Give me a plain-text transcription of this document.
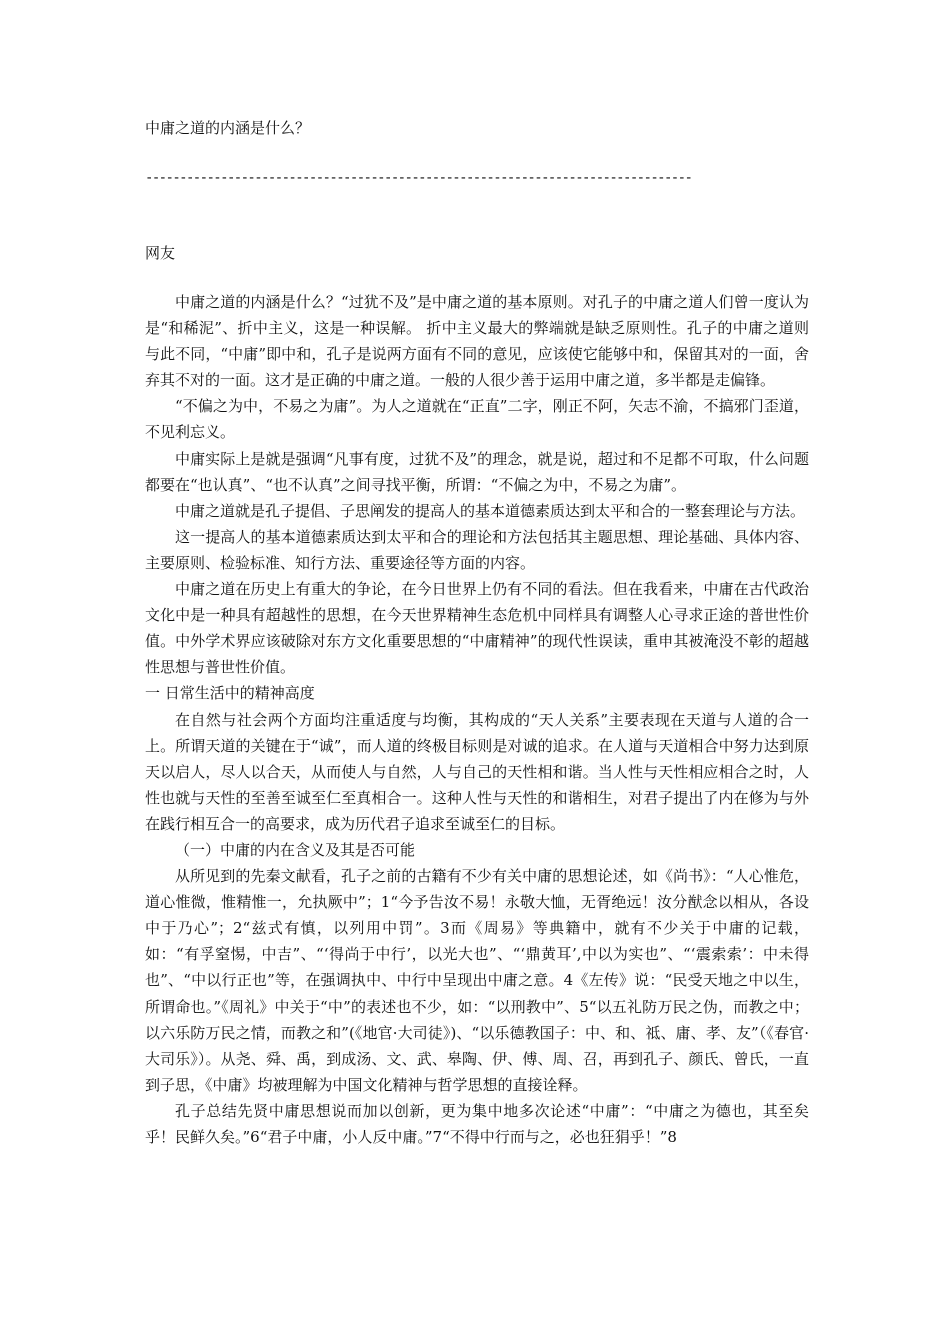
中庸之道的内涵是什么？
--------------------------------------------------------------------------------
网友

中庸之道的内涵是什么？“过犹不及”是中庸之道的基本原则。对孔子的中庸之道人们曾一度认为是“和稀泥”、折中主义，这是一种误解。 折中主义最大的弊端就是缺乏原则性。孔子的中庸之道则与此不同，“中庸”即中和，孔子是说两方面有不同的意见，应该使它能够中和，保留其对的一面，舍弃其不对的一面。这才是正确的中庸之道。一般的人很少善于运用中庸之道，多半都是走偏锋。

“不偏之为中，不易之为庸”。为人之道就在“正直”二字，刚正不阿，矢志不渝，不搞邪门歪道，不见利忘义。

中庸实际上是就是强调“凡事有度，过犹不及”的理念，就是说，超过和不足都不可取，什么问题都要在“也认真”、“也不认真”之间寻找平衡，所谓：“不偏之为中，不易之为庸”。

中庸之道就是孔子提倡、子思阐发的提高人的基本道德素质达到太平和合的一整套理论与方法。

这一提高人的基本道德素质达到太平和合的理论和方法包括其主题思想、理论基础、具体内容、主要原则、检验标准、知行方法、重要途径等方面的内容。

中庸之道在历史上有重大的争论，在今日世界上仍有不同的看法。但在我看来，中庸在古代政治文化中是一种具有超越性的思想，在今天世界精神生态危机中同样具有调整人心寻求正途的普世性价值。中外学术界应该破除对东方文化重要思想的“中庸精神”的现代性误读，重申其被淹没不彰的超越性思想与普世性价值。

一 日常生活中的精神高度

在自然与社会两个方面均注重适度与均衡，其构成的“天人关系”主要表现在天道与人道的合一上。所谓天道的关键在于“诚”，而人道的终极目标则是对诚的追求。在人道与天道相合中努力达到原天以启人，尽人以合天，从而使人与自然，人与自己的天性相和谐。当人性与天性相应相合之时，人性也就与天性的至善至诚至仁至真相合一。这种人性与天性的和谐相生，对君子提出了内在修为与外在践行相互合一的高要求，成为历代君子追求至诚至仁的目标。

（一）中庸的内在含义及其是否可能

从所见到的先秦文献看，孔子之前的古籍有不少有关中庸的思想论述，如《尚书》：“人心惟危，道心惟微，惟精惟一，允执厥中”；1“今予告汝不易！永敬大恤，无胥绝远！汝分猷念以相从，各设中于乃心”；2“兹式有慎，以列用中罚”。3而《周易》等典籍中，就有不少关于中庸的记载，如：“有孚窒惕，中吉”、“‘得尚于中行’，以光大也”、“‘鼎黄耳’,中以为实也”、“‘震索索’：中未得也”、“中以行正也”等，在强调执中、中行中呈现出中庸之意。4《左传》说：“民受天地之中以生，所谓命也。”《周礼》中关于“中”的表述也不少，如：“以刑教中”、5“以五礼防万民之伪，而教之中；以六乐防万民之情，而教之和”(《地官·大司徒》)、“以乐德教国子：中、和、祗、庸、孝、友”（《春官·大司乐》）。从尧、舜、禹，到成汤、文、武、皋陶、伊、傅、周、召，再到孔子、颜氏、曾氏，一直到子思，《中庸》均被理解为中国文化精神与哲学思想的直接诠释。

孔子总结先贤中庸思想说而加以创新，更为集中地多次论述“中庸”：“中庸之为德也，其至矣乎！民鲜久矣。”6“君子中庸，小人反中庸。”7“不得中行而与之，必也狂狷乎！”8
